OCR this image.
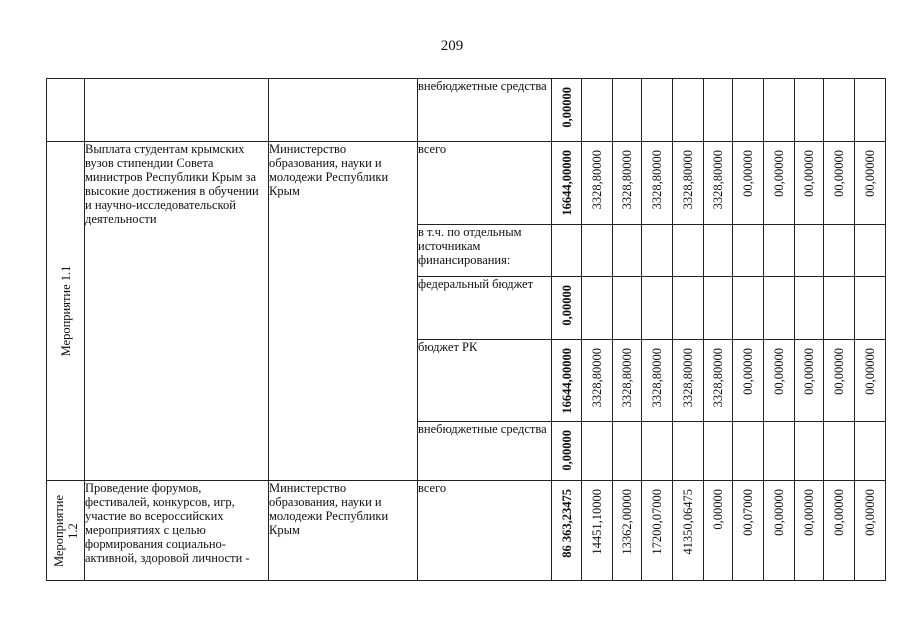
209
			внебюджетные средства	0,00000										

Мероприятие 1.1	Выплата студентам крымских вузов стипендии Совета министров Республики Крым за высокие достижения в обучении и научно-исследовательской деятельности	Министерство образования, науки и молодежи Республики Крым	всего	16644,00000	3328,80000	3328,80000	3328,80000	3328,80000	3328,80000	00,00000	00,00000	00,00000	00,00000	00,00000

			в т.ч. по отдельным источникам финансирования:											
			федеральный бюджет	0,00000										

			бюджет РК	16644,00000	3328,80000	3328,80000	3328,80000	3328,80000	3328,80000	00,00000	00,00000	00,00000	00,00000	00,00000

			внебюджетные средства	0,00000										

Мероприятие 1.2	Проведение форумов, фестивалей, конкурсов, игр, участие во всероссийских мероприятиях с целью формирования социально-активной, здоровой личности -	Министерство образования, науки и молодежи Республики Крым	всего	86 363,23475	14451,10000	13362,00000	17200,07000	41350,06475	0,00000	00,07000	00,00000	00,00000	00,00000	00,00000
